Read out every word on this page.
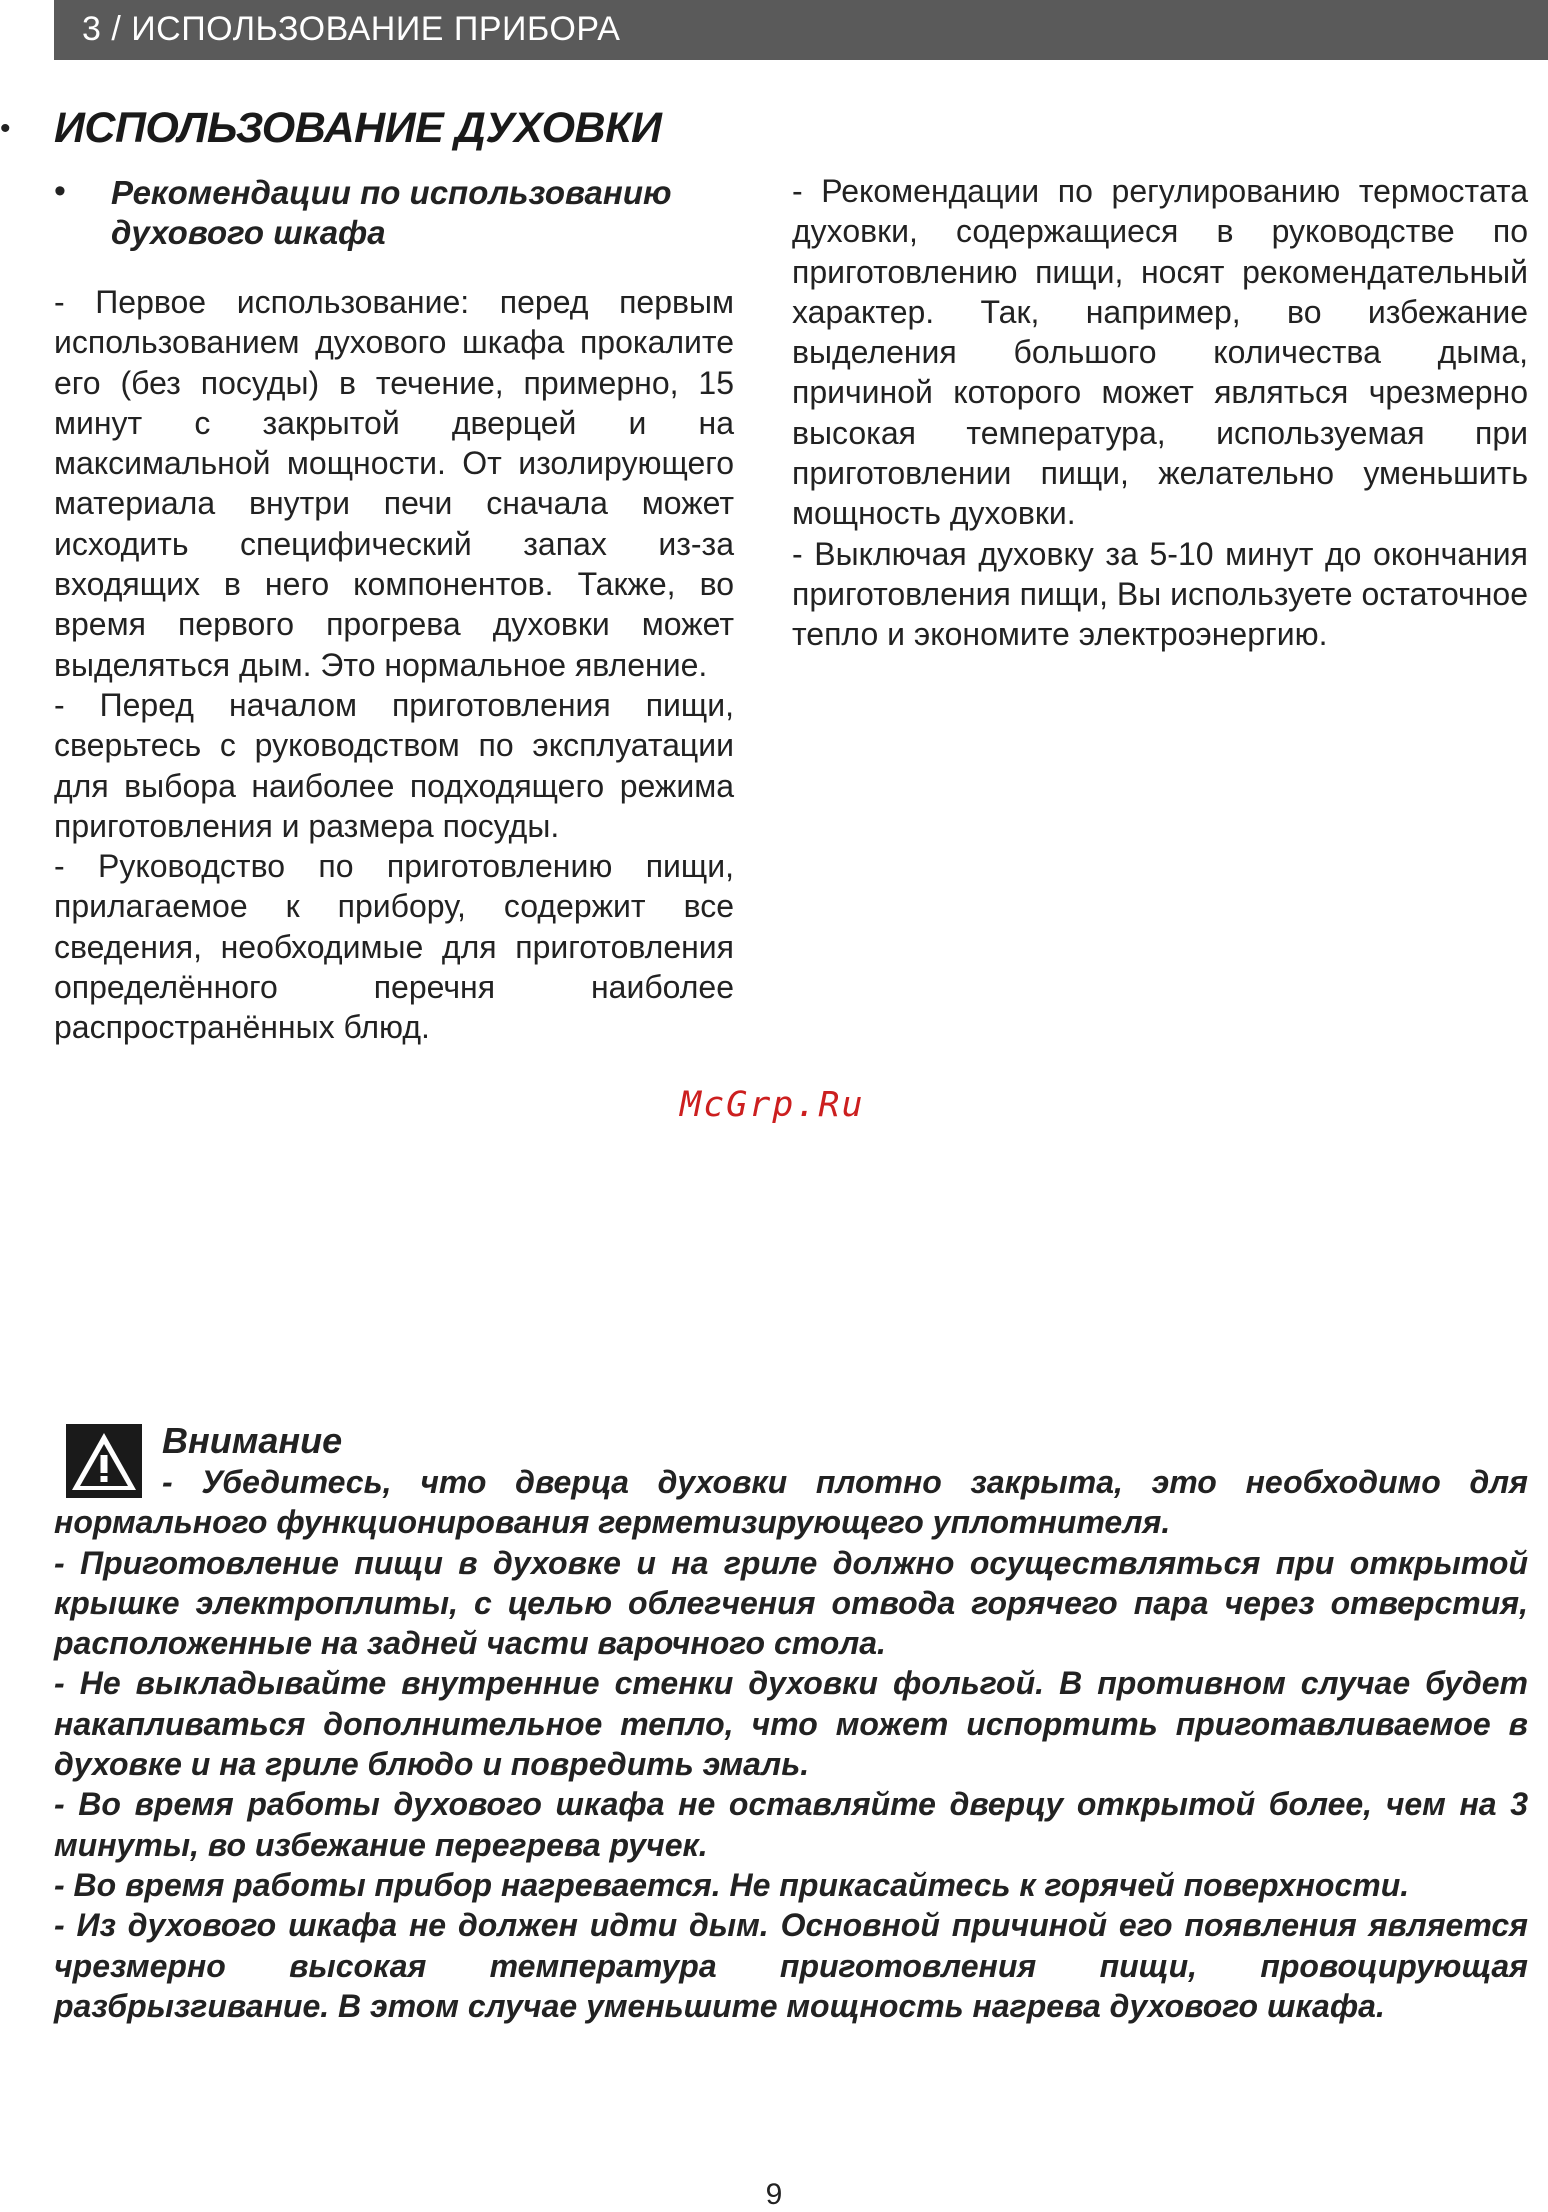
3 / ИСПОЛЬЗОВАНИЕ ПРИБОРА
• ИСПОЛЬЗОВАНИЕ ДУХОВКИ
• Рекомендации по использованию духового шкафа

- Первое использование: перед первым использованием духового шкафа прокалите его (без посуды) в течение, примерно, 15 минут с закрытой дверцей и на максимальной мощности. От изолирующего материала внутри печи сначала может исходить специфический запах из-за входящих в него компонентов. Также, во время первого прогрева духовки может выделяться дым. Это нормальное явление.

- Перед началом приготовления пищи, сверьтесь с руководством по эксплуатации для выбора наиболее подходящего режима приготовления и размера посуды.

- Руководство по приготовлению пищи, прилагаемое к прибору, содержит все сведения, необходимые для приготовления определённого перечня наиболее распространённых блюд.

- Рекомендации по регулированию термостата духовки, содержащиеся в руководстве по приготовлению пищи, носят рекомендательный характер. Так, например, во избежание выделения большого количества дыма, причиной которого может являться чрезмерно высокая температура, используемая при приготовлении пищи, желательно уменьшить мощность духовки.

- Выключая духовку за 5-10 минут до окончания приготовления пищи, Вы используете остаточное тепло и экономите электроэнергию.

McGrp.Ru
Внимание

- Убедитесь, что дверца духовки плотно закрыта, это необходимо для нормального функционирования герметизирующего уплотнителя.

- Приготовление пищи в духовке и на гриле должно осуществляться при открытой крышке электроплиты, с целью облегчения отвода горячего пара через отверстия, расположенные на задней части варочного стола.

- Не выкладывайте внутренние стенки духовки фольгой. В противном случае будет накапливаться дополнительное тепло, что может испортить приготавливаемое в духовке и на гриле блюдо и повредить эмаль.

- Во время работы духового шкафа не оставляйте дверцу открытой более, чем на 3 минуты, во избежание перегрева ручек.

- Во время работы прибор нагревается. Не прикасайтесь к горячей поверхности.

- Из духового шкафа не должен идти дым. Основной причиной его появления является чрезмерно высокая температура приготовления пищи, провоцирующая разбрызгивание. В этом случае уменьшите мощность нагрева духового шкафа.

9
